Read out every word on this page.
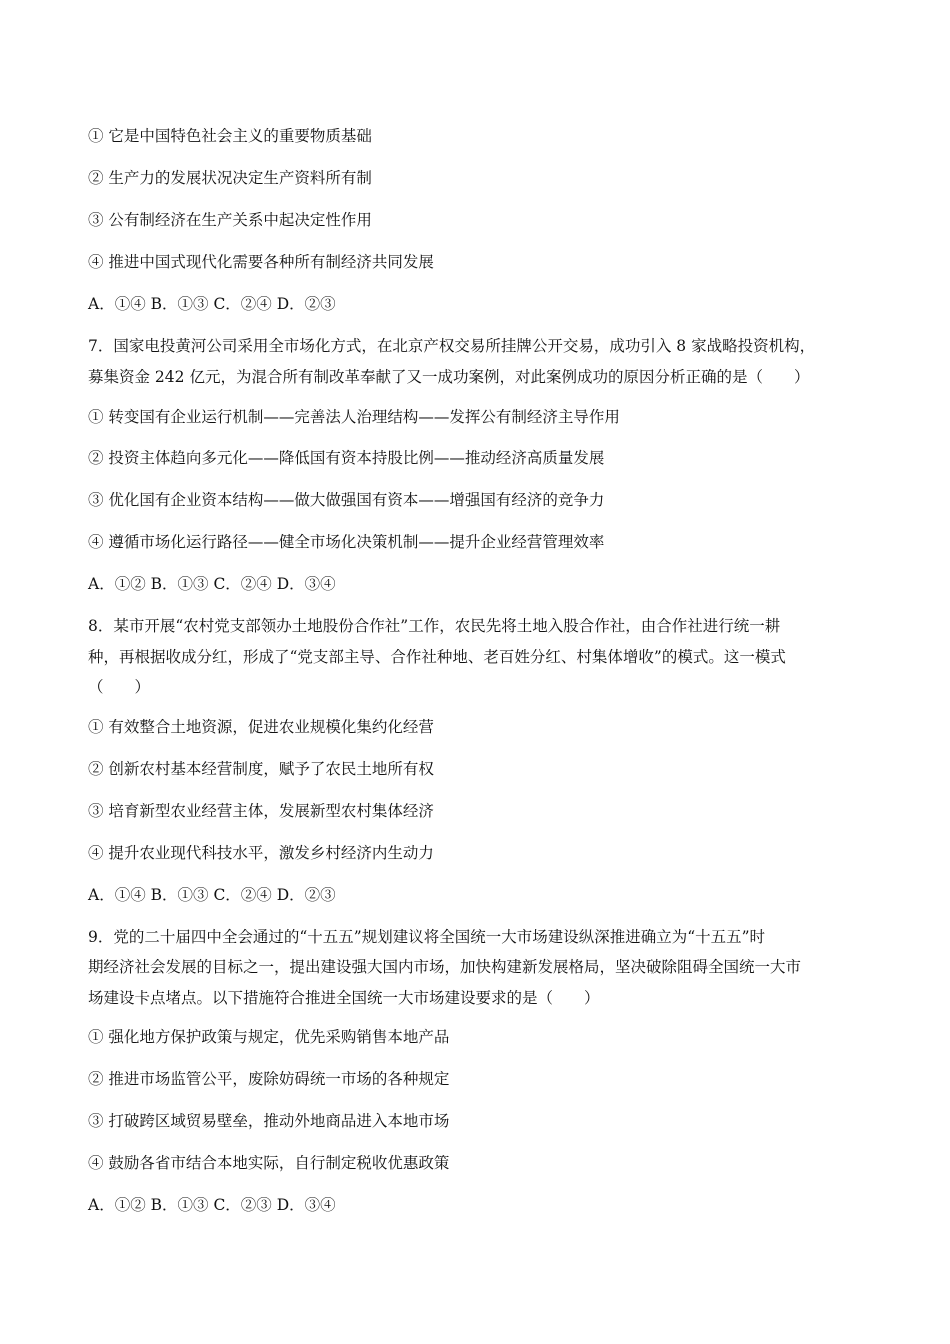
① 它是中国特色社会主义的重要物质基础
② 生产力的发展状况决定生产资料所有制
③ 公有制经济在生产关系中起决定性作用
④ 推进中国式现代化需要各种所有制经济共同发展
A．①④ B．①③ C．②④ D．②③
7．国家电投黄河公司采用全市场化方式，在北京产权交易所挂牌公开交易，成功引入 8 家战略投资机构，
募集资金 242 亿元，为混合所有制改革奉献了又一成功案例，对此案例成功的原因分析正确的是（　　）
① 转变国有企业运行机制——完善法人治理结构——发挥公有制经济主导作用
② 投资主体趋向多元化——降低国有资本持股比例——推动经济高质量发展
③ 优化国有企业资本结构——做大做强国有资本——增强国有经济的竞争力
④ 遵循市场化运行路径——健全市场化决策机制——提升企业经营管理效率
A．①② B．①③ C．②④ D．③④
8．某市开展“农村党支部领办土地股份合作社”工作，农民先将土地入股合作社，由合作社进行统一耕
种，再根据收成分红，形成了“党支部主导、合作社种地、老百姓分红、村集体增收”的模式。这一模式
（　　）
① 有效整合土地资源，促进农业规模化集约化经营
② 创新农村基本经营制度，赋予了农民土地所有权
③ 培育新型农业经营主体，发展新型农村集体经济
④ 提升农业现代科技水平，激发乡村经济内生动力
A．①④ B．①③ C．②④ D．②③
9．党的二十届四中全会通过的“十五五”规划建议将全国统一大市场建设纵深推进确立为“十五五”时
期经济社会发展的目标之一，提出建设强大国内市场，加快构建新发展格局，坚决破除阻碍全国统一大市
场建设卡点堵点。以下措施符合推进全国统一大市场建设要求的是（　　）
① 强化地方保护政策与规定，优先采购销售本地产品
② 推进市场监管公平，废除妨碍统一市场的各种规定
③ 打破跨区域贸易壁垒，推动外地商品进入本地市场
④ 鼓励各省市结合本地实际，自行制定税收优惠政策
A．①② B．①③ C．②③ D．③④
